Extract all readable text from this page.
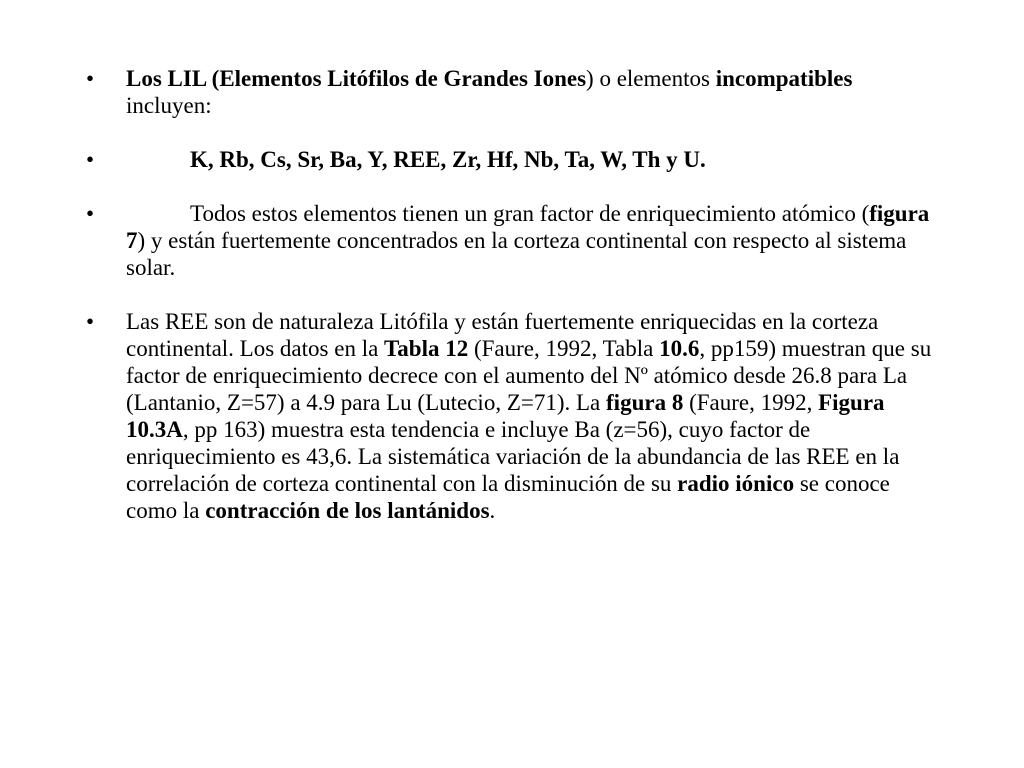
• Los LIL (Elementos Litófilos de Grandes Iones) o elementos incompatibles incluyen:
•	K, Rb, Cs, Sr, Ba, Y, REE, Zr, Hf, Nb, Ta, W, Th y U.
•	Todos estos elementos tienen un gran factor de enriquecimiento atómico (figura 7) y están fuertemente concentrados en la corteza continental con respecto al sistema solar.
• Las REE son de naturaleza Litófila y están fuertemente enriquecidas en la corteza continental. Los datos en la Tabla 12 (Faure, 1992, Tabla 10.6, pp159) muestran que su factor de enriquecimiento decrece con el aumento del Nº atómico desde 26.8 para La (Lantanio, Z=57) a 4.9 para Lu (Lutecio, Z=71). La figura 8 (Faure, 1992, Figura 10.3A, pp 163) muestra esta tendencia e incluye Ba (z=56), cuyo factor de enriquecimiento es 43,6. La sistemática variación de la abundancia de las REE en la correlación de corteza continental con la disminución de su radio iónico se conoce como la contracción de los lantánidos.
